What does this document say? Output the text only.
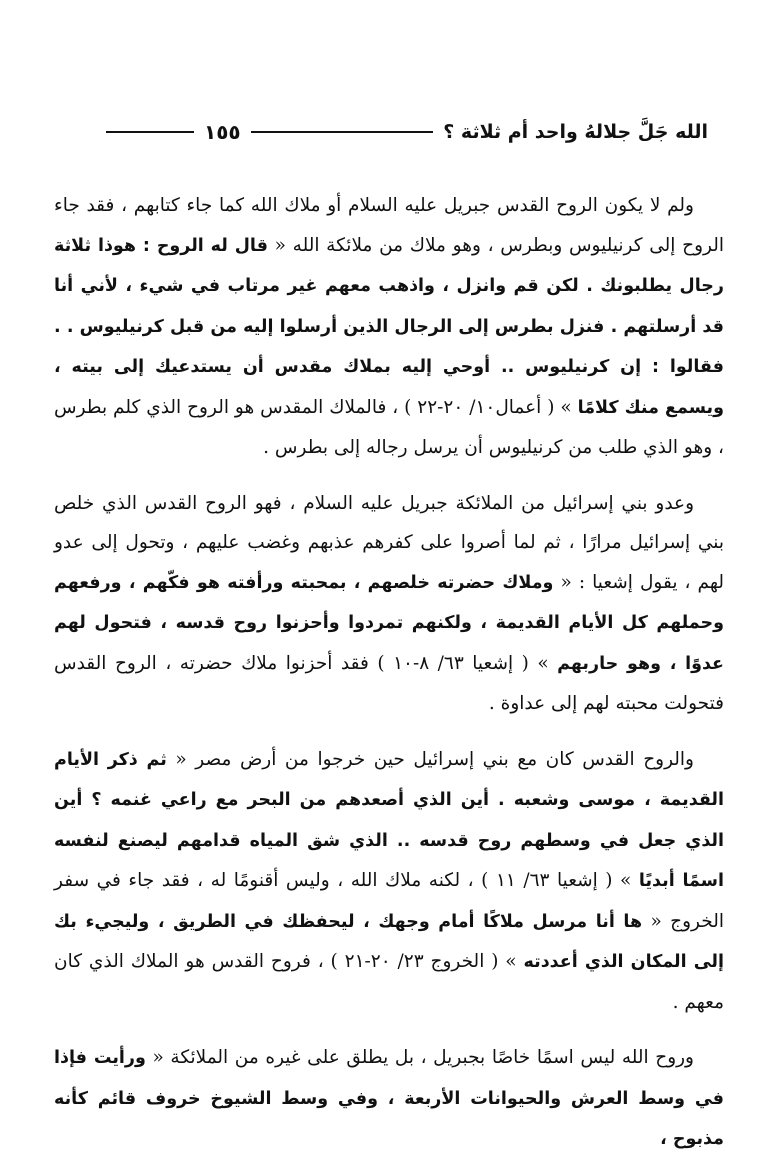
الله جَلَّ جلالهُ واحد أم ثلاثة ؟
١٥٥

ولم لا يكون الروح القدس جبريل عليه السلام أو ملاك الله كما جاء كتابهم ، فقد جاء الروح إلى كرنيليوس وبطرس ، وهو ملاك من ملائكة الله « قال له الروح : هوذا ثلاثة رجال يطلبونك . لكن قم وانزل ، واذهب معهم غير مرتاب في شيء ، لأني أنا قد أرسلتهم . فنزل بطرس إلى الرجال الذين أرسلوا إليه من قبل كرنيليوس . . فقالوا : إن كرنيليوس .. أوحي إليه بملاك مقدس أن يستدعيك إلى بيته ، ويسمع منك كلامًا » ( أعمال١٠/ ٢٠-٢٢ ) ، فالملاك المقدس هو الروح الذي كلم بطرس ، وهو الذي طلب من كرنيليوس أن يرسل رجاله إلى بطرس .

وعدو بني إسرائيل من الملائكة جبريل عليه السلام ، فهو الروح القدس الذي خلص بني إسرائيل مرارًا ، ثم لما أصروا على كفرهم عذبهم وغضب عليهم ، وتحول إلى عدو لهم ، يقول إشعيا : « وملاك حضرته خلصهم ، بمحبته ورأفته هو فكّهم ، ورفعهم وحملهم كل الأيام القديمة ، ولكنهم تمردوا وأحزنوا روح قدسه ، فتحول لهم عدوًا ، وهو حاربهم » ( إشعيا ٦٣/ ٨-١٠ ) فقد أحزنوا ملاك حضرته ، الروح القدس فتحولت محبته لهم إلى عداوة .

والروح القدس كان مع بني إسرائيل حين خرجوا من أرض مصر « ثم ذكر الأيام القديمة ، موسى وشعبه . أين الذي أصعدهم من البحر مع راعي غنمه ؟ أين الذي جعل في وسطهم روح قدسه .. الذي شق المياه قدامهم ليصنع لنفسه اسمًا أبديًا » ( إشعيا ٦٣/ ١١ ) ، لكنه ملاك الله ، وليس أقنومًا له ، فقد جاء في سفر الخروج « ها أنا مرسل ملاكًا أمام وجهك ، ليحفظك في الطريق ، وليجيء بك إلى المكان الذي أعددته » ( الخروج ٢٣/ ٢٠-٢١ ) ، فروح القدس هو الملاك الذي كان معهم .

وروح الله ليس اسمًا خاصًا بجبريل ، بل يطلق على غيره من الملائكة « ورأيت فإذا في وسط العرش والحيوانات الأربعة ، وفي وسط الشيوخ خروف قائم كأنه مذبوح ،
